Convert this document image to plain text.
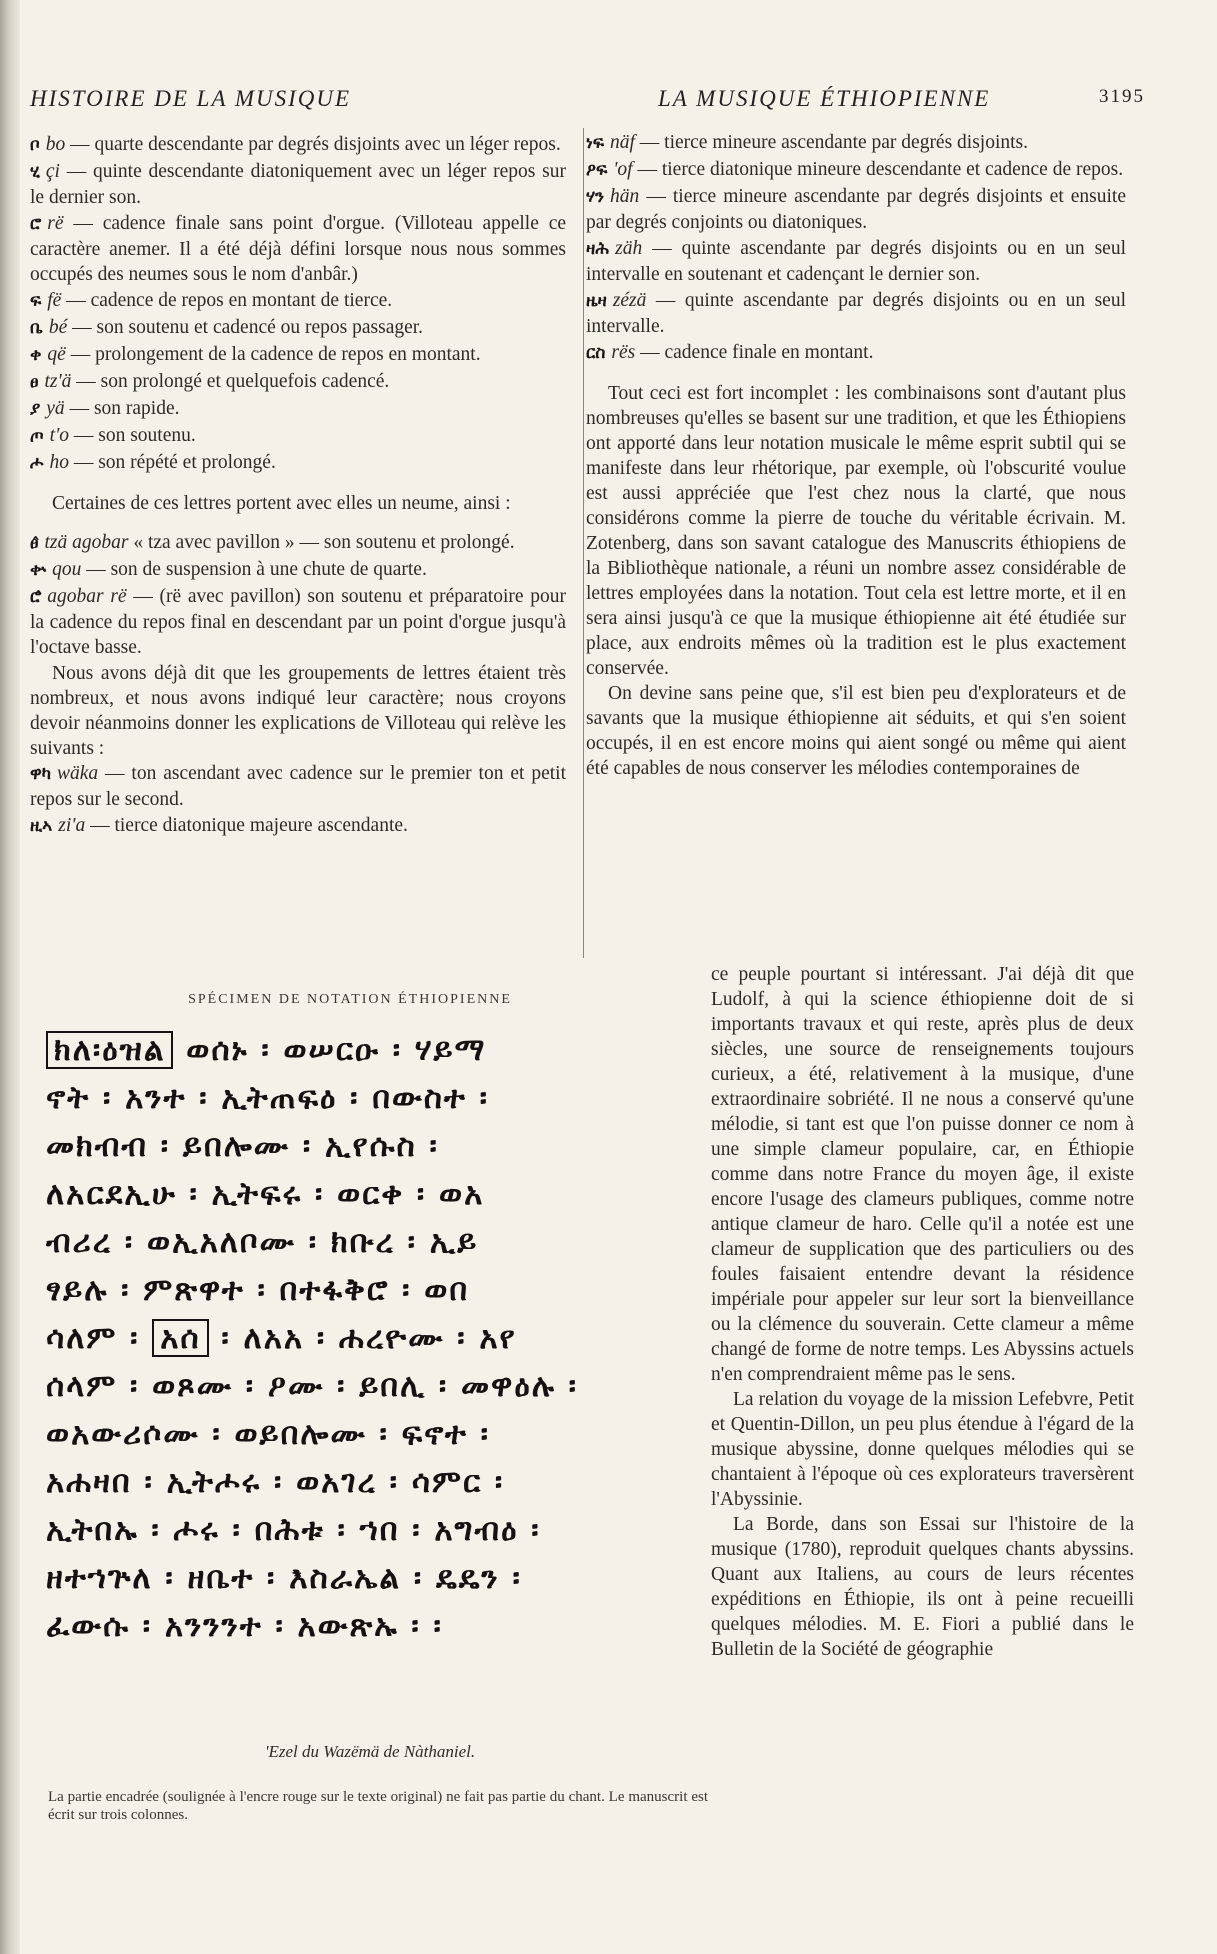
HISTOIRE DE LA MUSIQUE	LA MUSIQUE ÉTHIOPIENNE	3195

ቦ bo — quarte descendante par degrés disjoints avec un léger repos.

ሂ çi — quinte descendante diatoniquement avec un léger repos sur le dernier son.

ሮ rë — cadence finale sans point d'orgue. (Villoteau appelle ce caractère anemer. Il a été déjà défini lorsque nous nous sommes occupés des neumes sous le nom d'anbâr.)

ፍ fë — cadence de repos en montant de tierce.

ቤ bé — son soutenu et cadencé ou repos passager.

ቀ që — prolongement de la cadence de repos en montant.

ፀ tz'ä — son prolongé et quelquefois cadencé.

ያ yä — son rapide.

ጦ t'o — son soutenu.

ሖ ho — son répété et prolongé.

Certaines de ces lettres portent avec elles un neume, ainsi :

ፀ̂ tzä agobar « tza avec pavillon » — son soutenu et prolongé.

ቍ qou — son de suspension à une chute de quarte.

ሮ̂ agobar rë — (rë avec pavillon) son soutenu et préparatoire pour la cadence du repos final en descendant par un point d'orgue jusqu'à l'octave basse.

Nous avons déjà dit que les groupements de lettres étaient très nombreux, et nous avons indiqué leur caractère; nous croyons devoir néanmoins donner les explications de Villoteau qui relève les suivants :

ዋካ wäka — ton ascendant avec cadence sur le premier ton et petit repos sur le second.

ዚኣ zi'a — tierce diatonique majeure ascendante.

ነፍ näf — tierce mineure ascendante par degrés disjoints.

ዖፍ 'of — tierce diatonique mineure descendante et cadence de repos.

ሃን hän — tierce mineure ascendante par degrés disjoints et ensuite par degrés conjoints ou diatoniques.

ዛሕ zäh — quinte ascendante par degrés disjoints ou en un seul intervalle en soutenant et cadençant le dernier son.

ዜዛ zézä — quinte ascendante par degrés disjoints ou en un seul intervalle.

ርስ rës — cadence finale en montant.

Tout ceci est fort incomplet : les combinaisons sont d'autant plus nombreuses qu'elles se basent sur une tradition, et que les Éthiopiens ont apporté dans leur notation musicale le même esprit subtil qui se manifeste dans leur rhétorique, par exemple, où l'obscurité voulue est aussi appréciée que l'est chez nous la clarté, que nous considérons comme la pierre de touche du véritable écrivain. M. Zotenberg, dans son savant catalogue des Manuscrits éthiopiens de la Bibliothèque nationale, a réuni un nombre assez considérable de lettres employées dans la notation. Tout cela est lettre morte, et il en sera ainsi jusqu'à ce que la musique éthiopienne ait été étudiée sur place, aux endroits mêmes où la tradition est le plus exactement conservée.

On devine sans peine que, s'il est bien peu d'explorateurs et de savants que la musique éthiopienne ait séduits, et qui s'en soient occupés, il en est encore moins qui aient songé ou même qui aient été capables de nous conserver les mélodies contemporaines de

ce peuple pourtant si intéressant. J'ai déjà dit que Ludolf, à qui la science éthiopienne doit de si importants travaux et qui reste, après plus de deux siècles, une source de renseignements toujours curieux, a été, relativement à la musique, d'une extraordinaire sobriété. Il ne nous a conservé qu'une mélodie, si tant est que l'on puisse donner ce nom à une simple clameur populaire, car, en Éthiopie comme dans notre France du moyen âge, il existe encore l'usage des clameurs publiques, comme notre antique clameur de haro. Celle qu'il a notée est une clameur de supplication que des particuliers ou des foules faisaient entendre devant la résidence impériale pour appeler sur leur sort la bienveillance ou la clémence du souverain. Cette clameur a même changé de forme de notre temps. Les Abyssins actuels n'en comprendraient même pas le sens.

La relation du voyage de la mission Lefebvre, Petit et Quentin-Dillon, un peu plus étendue à l'égard de la musique abyssine, donne quelques mélodies qui se chantaient à l'époque où ces explorateurs traversèrent l'Abyssinie.

La Borde, dans son Essai sur l'histoire de la musique (1780), reproduit quelques chants abyssins. Quant aux Italiens, au cours de leurs récentes expéditions en Éthiopie, ils ont à peine recueilli quelques mélodies. M. E. Fiori a publié dans le Bulletin de la Société de géographie

SPÉCIMEN DE NOTATION ÉTHIOPIENNE
ክለ፡ዕዝል ወሰኑ ፡ ወሠርዑ ፡ ሃይማ
ኖት ፡ አንተ ፡ ኢትጠፍዕ ፡ በውስተ ፡
መክብብ ፡ ይበሎሙ ፡ ኢየሱስ ፡
ለአርደኢሁ ፡ ኢትፍሩ ፡ ወርቀ ፡ ወአ
ብሪረ ፡ ወኢአለቦሙ ፡ ክቡረ ፡ ኢይ
ፃይሉ ፡ ምጽዋተ ፡ በተፋቅሮ ፡ ወበ
ሳለም ፡ አሰ ፡ ለአአ ፡ ሐረዮሙ ፡ አየ
ሰላም ፡ ወጾሙ ፡ ዖሙ ፡ ይበሊ ፡ መዋዕሉ ፡
ወአውሪሶሙ ፡ ወይበሎሙ ፡ ፍኖተ ፡
አሐዛበ ፡ ኢትሖሩ ፡ ወአገረ ፡ ሳምር ፡
ኢትበኡ ፡ ሖሩ ፡ በሕቱ ፡ ኀበ ፡ አግብዕ ፡
ዘተኀጕለ ፡ ዘቤተ ፡ እስራኤል ፡ ዴዴን ፡
ፈውሱ ፡ አንንንተ ፡ አውጽኡ ፡ ፡
'Ezel du Wazëmä de Nàthaniel.
La partie encadrée (soulignée à l'encre rouge sur le texte original) ne fait pas partie du chant. Le manuscrit est écrit sur trois colonnes.
